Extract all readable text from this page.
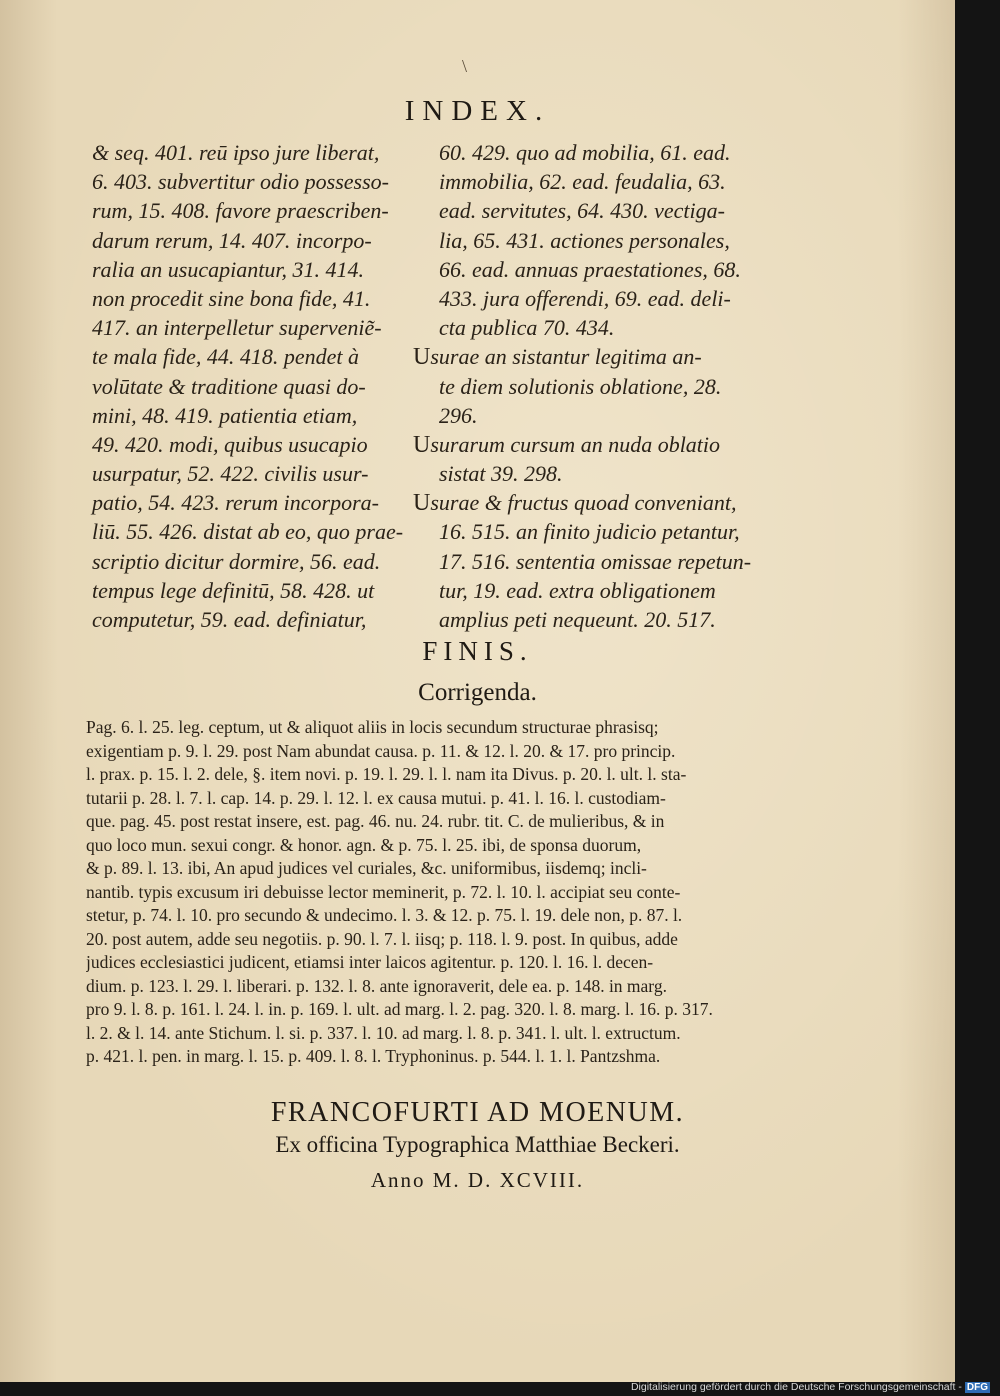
\
INDEX.
& seq. 401. reū ipso jure liberat,
6. 403. subvertitur odio possesso-
rum, 15. 408. favore praescriben-
darum rerum, 14. 407. incorpo-
ralia an usucapiantur, 31. 414.
non procedit sine bona fide, 41.
417. an interpelletur supervenie͂-
te mala fide, 44. 418. pendet à
volūtate & traditione quasi do-
mini, 48. 419. patientia etiam,
49. 420. modi, quibus usucapio
usurpatur, 52. 422. civilis usur-
patio, 54. 423. rerum incorpora-
liū. 55. 426. distat ab eo, quo prae-
scriptio dicitur dormire, 56. ead.
tempus lege definitū, 58. 428. ut
computetur, 59. ead. definiatur,
60. 429. quo ad mobilia, 61. ead.
immobilia, 62. ead. feudalia, 63.
ead. servitutes, 64. 430. vectiga-
lia, 65. 431. actiones personales,
66. ead. annuas praestationes, 68.
433. jura offerendi, 69. ead. deli-
cta publica 70. 434.
Usurae an sistantur legitima an-
te diem solutionis oblatione, 28.
296.
Usurarum cursum an nuda oblatio
sistat 39. 298.
Usurae & fructus quoad conveniant,
16. 515. an finito judicio petantur,
17. 516. sententia omissae repetun-
tur, 19. ead. extra obligationem
amplius peti nequeunt. 20. 517.
FINIS.
Corrigenda.
Pag. 6. l. 25. leg. ceptum, ut & aliquot aliis in locis secundum structurae phrasisq;
exigentiam p. 9. l. 29. post Nam abundat causa. p. 11. & 12. l. 20. & 17. pro princip.
l. prax. p. 15. l. 2. dele, §. item novi. p. 19. l. 29. l. l. nam ita Divus. p. 20. l. ult. l. sta-
tutarii p. 28. l. 7. l. cap. 14. p. 29. l. 12. l. ex causa mutui. p. 41. l. 16. l. custodiam-
que. pag. 45. post restat insere, est. pag. 46. nu. 24. rubr. tit. C. de mulieribus, & in
quo loco mun. sexui congr. & honor. agn. & p. 75. l. 25. ibi, de sponsa duorum,
& p. 89. l. 13. ibi, An apud judices vel curiales, &c. uniformibus, iisdemq; incli-
nantib. typis excusum iri debuisse lector meminerit, p. 72. l. 10. l. accipiat seu conte-
stetur, p. 74. l. 10. pro secundo & undecimo. l. 3. & 12. p. 75. l. 19. dele non, p. 87. l.
20. post autem, adde seu negotiis. p. 90. l. 7. l. iisq; p. 118. l. 9. post. In quibus, adde
judices ecclesiastici judicent, etiamsi inter laicos agitentur. p. 120. l. 16. l. decen-
dium. p. 123. l. 29. l. liberari. p. 132. l. 8. ante ignoraverit, dele ea. p. 148. in marg.
pro 9. l. 8. p. 161. l. 24. l. in. p. 169. l. ult. ad marg. l. 2. pag. 320. l. 8. marg. l. 16. p. 317.
l. 2. & l. 14. ante Stichum. l. si. p. 337. l. 10. ad marg. l. 8. p. 341. l. ult. l. extructum.
p. 421. l. pen. in marg. l. 15. p. 409. l. 8. l. Tryphoninus. p. 544. l. 1. l. Pantzshma.
FRANCOFURTI AD MOENUM.
Ex officina Typographica Matthiae Beckeri.
Anno M. D. XCVIII.
Digitalisierung gefördert durch die Deutsche Forschungsgemeinschaft - DFG
